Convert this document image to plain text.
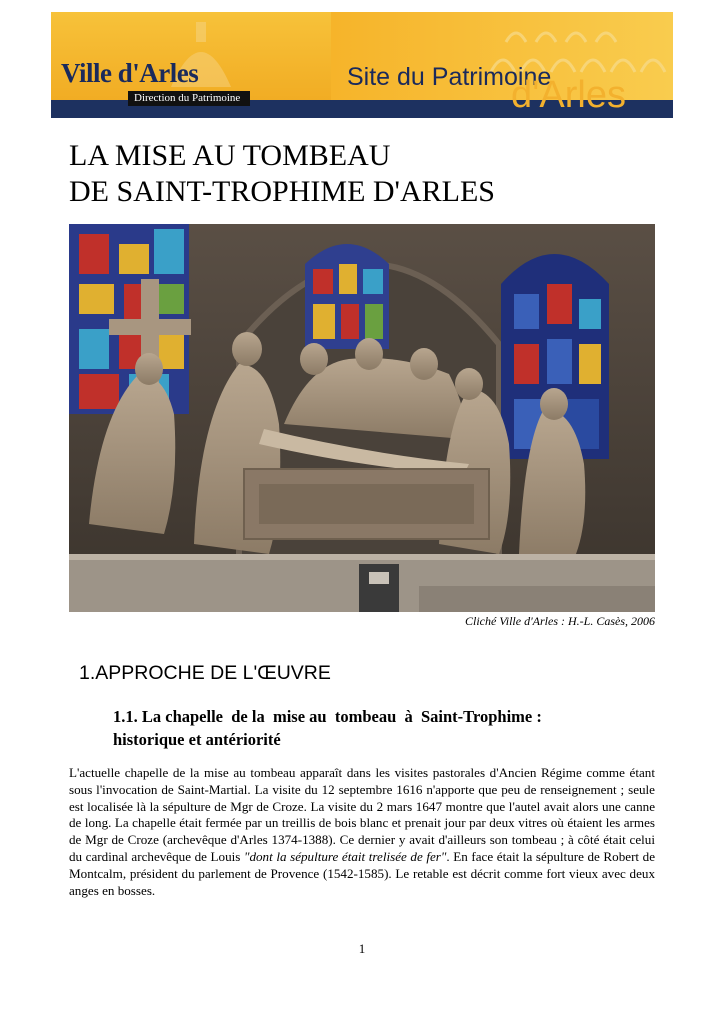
Ville d'Arles
Direction du Patrimoine
Site du Patrimoine
d'Arles
LA MISE AU TOMBEAU
DE SAINT-TROPHIME D'ARLES
Cliché Ville d'Arles : H.-L. Casès, 2006
1.APPROCHE DE L'ŒUVRE
1.1. La chapelle  de la  mise au  tombeau  à  Saint-Trophime :
historique et antériorité

L'actuelle chapelle de la mise au tombeau apparaît dans les visites pastorales d'Ancien Régime comme étant sous l'invocation de Saint-Martial. La visite du 12 septembre 1616 n'apporte que peu de renseignement ; seule est localisée là la sépulture de Mgr de Croze. La visite du 2 mars 1647 montre que l'autel avait alors une canne de long. La chapelle était fermée par un treillis de bois blanc et prenait jour par deux vitres où étaient les armes de Mgr de Croze (archevêque d'Arles 1374-1388). Ce dernier y avait d'ailleurs son tombeau ; à côté était celui du cardinal archevêque de Louis "dont la sépulture était trelisée de fer". En face était la sépulture de Robert de Montcalm, président du parlement de Provence (1542-1585). Le retable est décrit comme fort vieux avec deux anges en bosses.

1
